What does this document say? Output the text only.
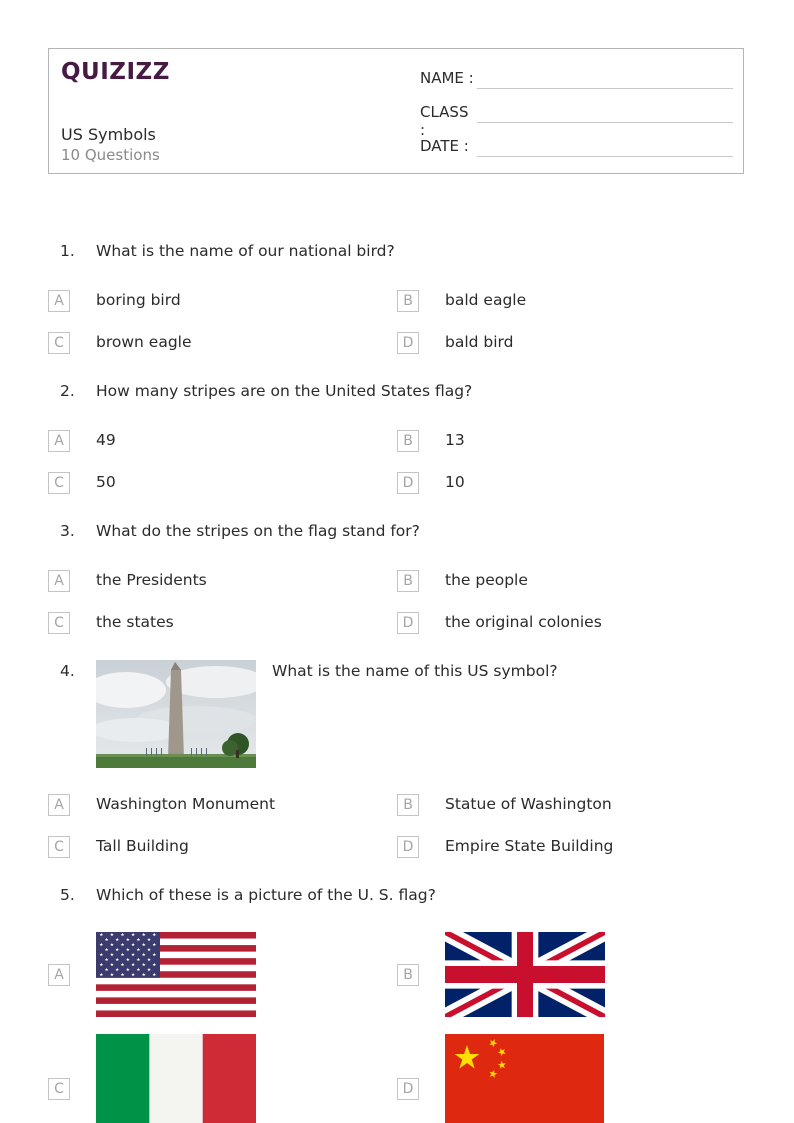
QUIZIZZ
US Symbols
10 Questions
NAME :
CLASS :
DATE :
1. What is the name of our national bird?
A	boring bird	B	bald eagle
C	brown eagle	D	bald bird
2. How many stripes are on the United States flag?
A	49	B	13
C	50	D	10
3. What do the stripes on the flag stand for?
A	the Presidents	B	the people
C	the states	D	the original colonies
4.	What is the name of this US symbol?
A	Washington Monument	B	Statue of Washington
C	Tall Building	D	Empire State Building
5. Which of these is a picture of the U. S. flag?
A	B
C	D
